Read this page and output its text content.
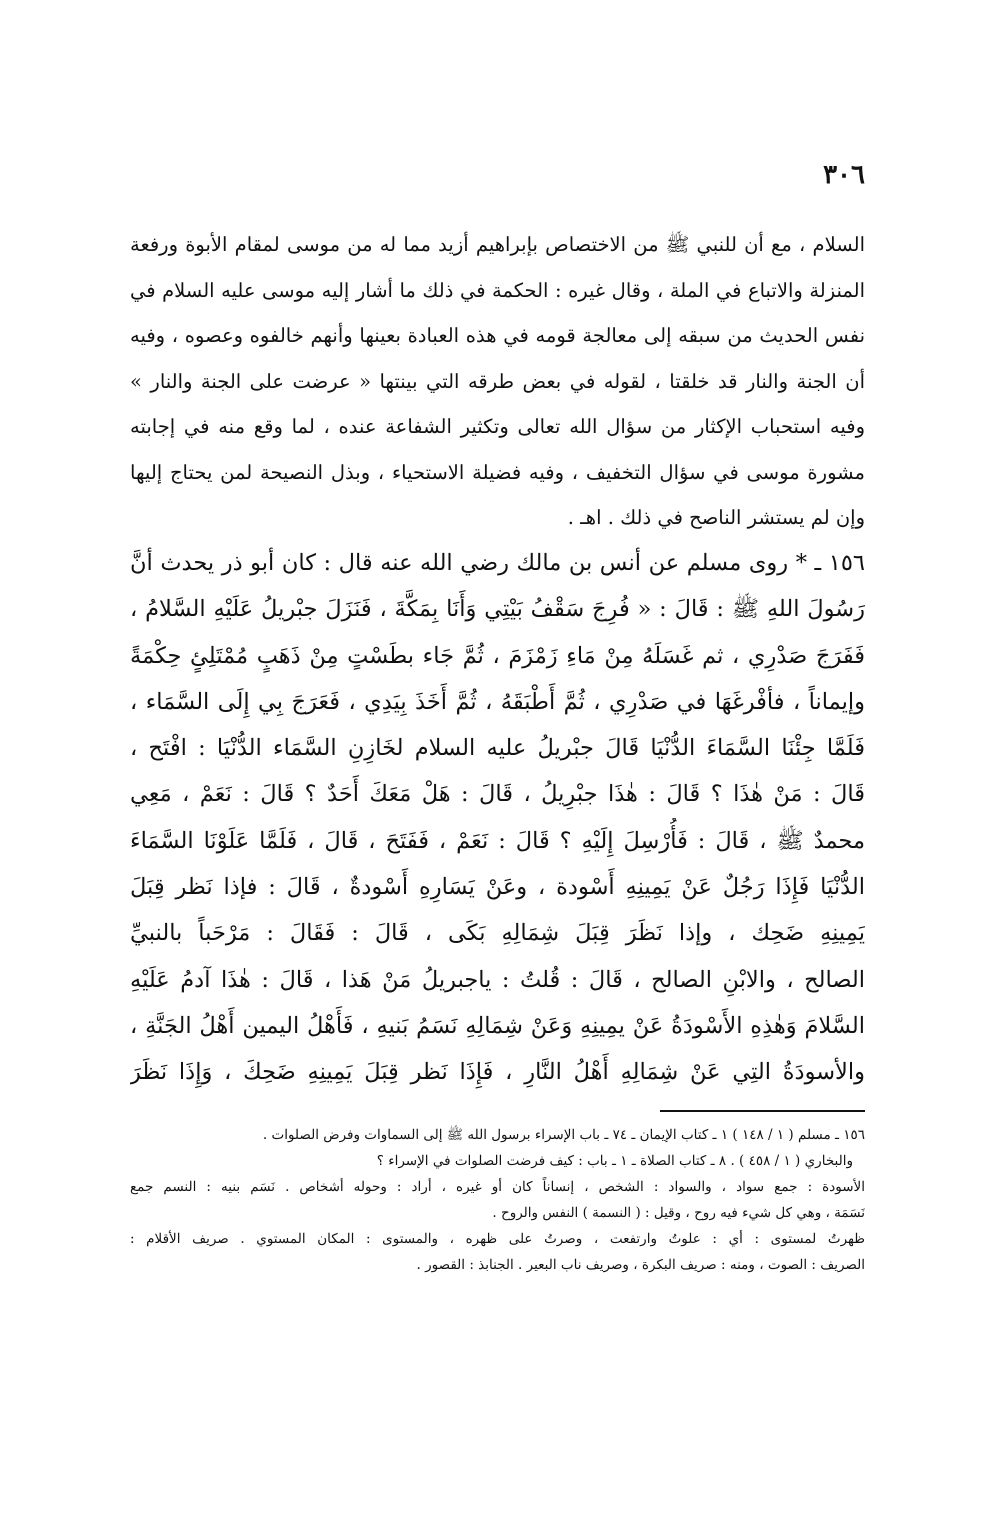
٣٠٦
السلام ، مع أن للنبي ﷺ من الاختصاص بإبراهيم أزيد مما له من موسى لمقام الأبوة ورفعة
المنزلة والاتباع في الملة ، وقال غيره : الحكمة في ذلك ما أشار إليه موسى عليه السلام في
نفس الحديث من سبقه إلى معالجة قومه في هذه العبادة بعينها وأنهم خالفوه وعصوه ، وفيه
أن الجنة والنار قد خلقتا ، لقوله في بعض طرقه التي بينتها « عرضت على الجنة والنار »
وفيه استحباب الإكثار من سؤال الله تعالى وتكثير الشفاعة عنده ، لما وقع منه في إجابته
مشورة موسى في سؤال التخفيف ، وفيه فضيلة الاستحياء ، وبذل النصيحة لمن يحتاج إليها
وإن لم يستشر الناصح في ذلك . اهـ .
١٥٦ ـ * روى مسلم عن أنس بن مالك رضي الله عنه قال : كان أبو ذر يحدث أنَّ
رَسُولَ اللهِ ﷺ : قَالَ : « فُرِجَ سَقْفُ بَيْتِي وَأَنَا بِمَكَّةَ ، فَنَزَلَ جبْريلُ عَلَيْهِ السَّلامُ ،
فَفَرَجَ صَدْرِي ، ثم غَسَلَهُ مِنْ مَاءِ زَمْزَمَ ، ثُمَّ جَاء بطَسْتٍ مِنْ ذَهَبٍ مُمْتَلِئٍ حِكْمَةً
وإيماناً ، فأفْرغَهَا في صَدْرِي ، ثُمَّ أَطْبَقَهُ ، ثُمَّ أَخَذَ بِيَدِي ، فَعَرَجَ بِي إِلَى السَّمَاء ،
فَلَمَّا جِئْنَا السَّمَاءَ الدُّنْيَا قَالَ جبْريلُ عليه السلام لخَازِنِ السَّمَاء الدُّنْيَا : افْتَح ،
قَالَ : مَنْ هٰذَا ؟ قَالَ : هٰذَا جبْرِيلُ ، قَالَ : هَلْ مَعَكَ أَحَدٌ ؟ قَالَ : نَعَمْ ، مَعِي
محمدٌ ﷺ ، قَالَ : فَأُرْسِلَ إِلَيْهِ ؟ قَالَ : نَعَمْ ، فَفَتَحَ ، قَالَ ، فَلَمَّا عَلَوْنَا السَّمَاءَ
الدُّنْيَا فَإِذَا رَجُلٌ عَنْ يَمِينِهِ أَسْودة ، وعَنْ يَسَارِهِ أَسْودةٌ ، قَالَ : فإذا نَظر قِبَلَ
يَمِينِهِ ضَحِك ، وإذا نَظَرَ قِبَلَ شِمَالِهِ بَكَى ، قَالَ : فَقَالَ : مَرْحَباً بالنبيِّ
الصالح ، والابْنِ الصالح ، قَالَ : قُلتُ : ياجبريلُ مَنْ هَذا ، قَالَ : هٰذَا آدمُ عَلَيْهِ
السَّلامَ وَهٰذِهِ الأَسْودَةُ عَنْ يمِينِهِ وَعَنْ شِمَالِهِ نَسَمُ بَنيهِ ، فَأَهْلُ اليمين أَهْلُ الجَنَّةِ ،
والأسودَةُ التِي عَنْ شِمَالِهِ أَهْلُ النَّارِ ، فَإِذَا نَظر قِبَلَ يَمِينِهِ ضَحِكَ ، وَإِذَا نَظَرَ
١٥٦ ـ مسلم ( ١ / ١٤٨ ) ١ ـ كتاب الإيمان ـ ٧٤ ـ باب الإسراء برسول الله ﷺ إلى السماوات وفرض الصلوات .
والبخاري ( ١ / ٤٥٨ ) . ٨ ـ كتاب الصلاة ـ ١ ـ باب : كيف فرضت الصلوات في الإسراء ؟
الأسودة : جمع سواد ، والسواد : الشخص ، إنساناً كان أو غيره ، أراد : وحوله أشخاص . نَسَم بنيه : النسم جمع
نَسَمَة ، وهي كل شيء فيه روح ، وقيل : ( النسمة ) النفس والروح .
ظهرتُ لمستوى : أي : علوتُ وارتفعت ، وصرتُ على ظهره ، والمستوى : المكان المستوي . صريف الأقلام :
الصريف : الصوت ، ومنه : صريف البكرة ، وصريف ناب البعير . الجنابذ : القصور .
